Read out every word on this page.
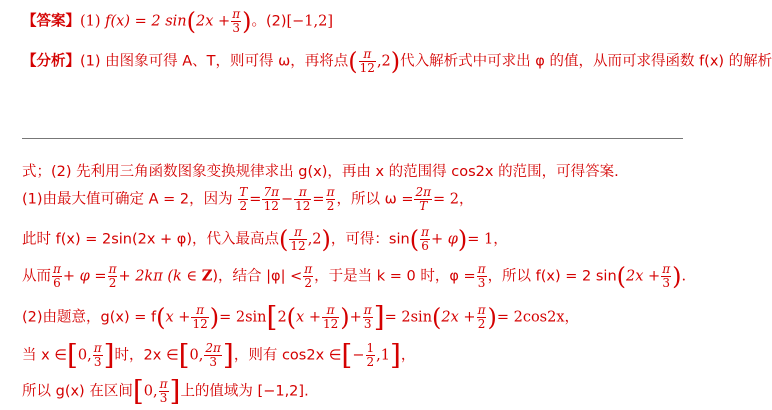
【答案】(1) f(x) = 2 $\sin(2x + \frac{\pi}{3}$ )。(2)[−1,2]
【分析】(1) 由图象可得 A、T，则可得 ω，再将点( $\frac{\pi}{12} ,2$)代入解析式中可求出 φ 的值，从而可求得函数 f(x) 的解析
式；(2) 先利用三角函数图象变换规律求出 g(x)，再由 x 的范围得 cos2x 的范围，可得答案.
(1)由最大值可确定 A = 2，因为 $\frac{T}{2} = \frac{7\pi}{12} - \frac{\pi}{12} = \frac{\pi}{2}$ ，所以 $\omega = \frac{2\pi}{T} = 2$，
此时 f(x) = 2sin(2x + φ)，代入最高点( $\frac{\pi}{12} ,2$)，可得：$\sin( \frac{\pi}{6} + \varphi)= 1$，
从而 $\frac{\pi}{6} + \varphi = \frac{\pi}{2} + 2k\pi$ (k ∈ Z)，结合 $|\varphi| < \frac{\pi}{2}$ ，于是当 k = 0 时，$\varphi = \frac{\pi}{3}$ ，所以 f(x) = 2 $\sin(2x + \frac{\pi}{3}$ ).
(2)由题意，$g(x) = f(x + \frac{\pi}{12}$ )= $2\sin[2(x + \frac{\pi}{12}$ )+ $\frac{\pi}{3}$ ]= $2\sin(2x + \frac{\pi}{2}$ )= 2cos2x，
当 x ∈[0, $\frac{\pi}{3}$ ]时，2x ∈[0, $\frac{2\pi}{3}$ ]，则有 cos2x ∈[− $\frac{1}{2} ,1$]，
所以 g(x) 在区间[0, $\frac{\pi}{3}$ ]上的值域为 [−1,2].
